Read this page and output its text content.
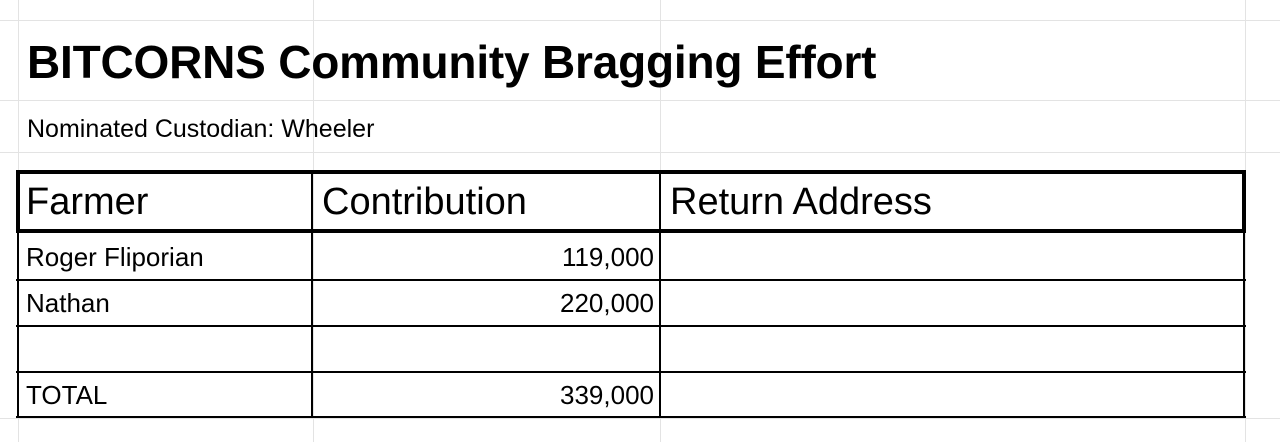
BITCORNS Community Bragging Effort
Nominated Custodian: Wheeler
Farmer	Contribution	Return Address
Roger Fliporian	119,000
Nathan	220,000
TOTAL	339,000
